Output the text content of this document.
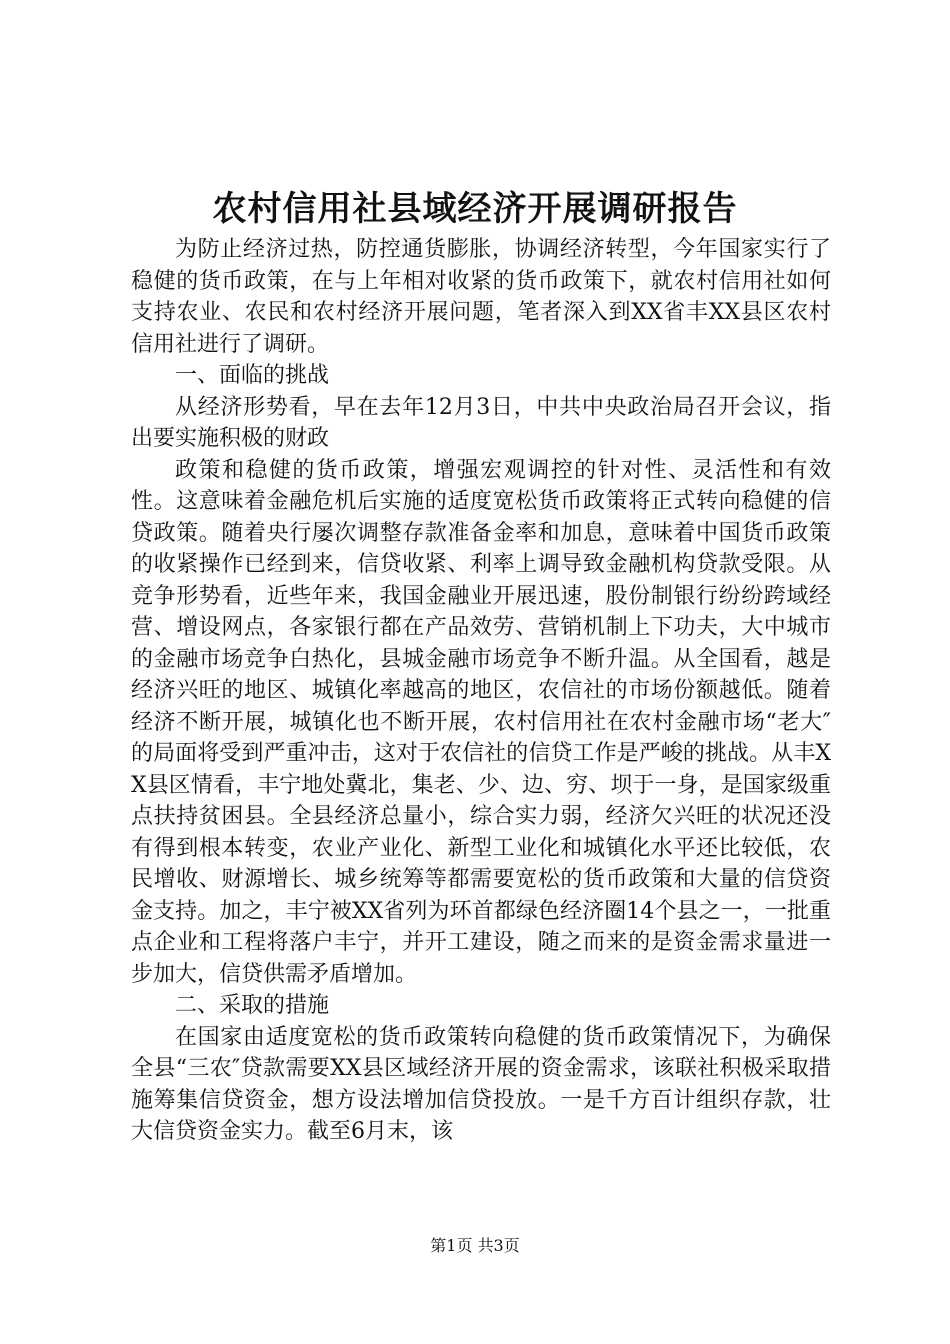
农村信用社县域经济开展调研报告

为防止经济过热，防控通货膨胀，协调经济转型，今年国家实行了稳健的货币政策，在与上年相对收紧的货币政策下，就农村信用社如何支持农业、农民和农村经济开展问题，笔者深入到XX省丰XX县区农村信用社进行了调研。

一、面临的挑战

从经济形势看，早在去年12月3日，中共中央政治局召开会议，指出要实施积极的财政

政策和稳健的货币政策，增强宏观调控的针对性、灵活性和有效性。这意味着金融危机后实施的适度宽松货币政策将正式转向稳健的信贷政策。随着央行屡次调整存款准备金率和加息，意味着中国货币政策的收紧操作已经到来，信贷收紧、利率上调导致金融机构贷款受限。从竞争形势看，近些年来，我国金融业开展迅速，股份制银行纷纷跨域经营、增设网点，各家银行都在产品效劳、营销机制上下功夫，大中城市的金融市场竞争白热化，县城金融市场竞争不断升温。从全国看，越是经济兴旺的地区、城镇化率越高的地区，农信社的市场份额越低。随着经济不断开展，城镇化也不断开展，农村信用社在农村金融市场“老大″的局面将受到严重冲击，这对于农信社的信贷工作是严峻的挑战。从丰XX县区情看，丰宁地处冀北，集老、少、边、穷、坝于一身，是国家级重点扶持贫困县。全县经济总量小，综合实力弱，经济欠兴旺的状况还没有得到根本转变，农业产业化、新型工业化和城镇化水平还比较低，农民增收、财源增长、城乡统筹等都需要宽松的货币政策和大量的信贷资金支持。加之，丰宁被XX省列为环首都绿色经济圈14个县之一，一批重点企业和工程将落户丰宁，并开工建设，随之而来的是资金需求量进一步加大，信贷供需矛盾增加。

二、采取的措施

在国家由适度宽松的货币政策转向稳健的货币政策情况下，为确保全县“三农″贷款需要XX县区域经济开展的资金需求，该联社积极采取措施筹集信贷资金，想方设法增加信贷投放。一是千方百计组织存款，壮大信贷资金实力。截至6月末，该

第1页 共3页
